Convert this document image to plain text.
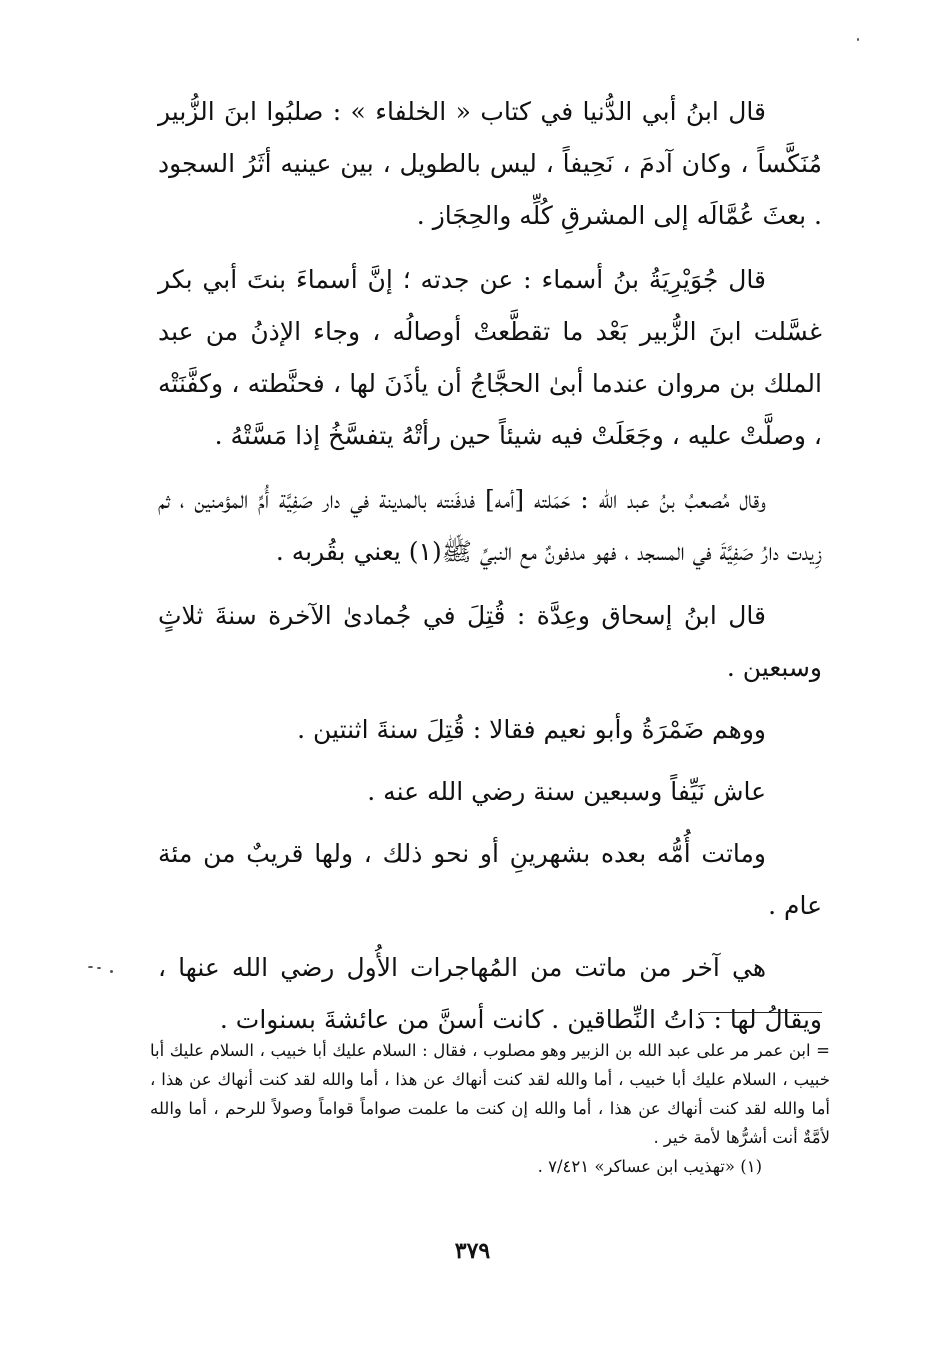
قال ابنُ أبي الدُّنيا في كتاب « الخلفاء » : صلبُوا ابنَ الزُّبير مُنَكَّساً ، وكان آدمَ ، نَحِيفاً ، ليس بالطويل ، بين عينيه أثَرُ السجود . بعثَ عُمَّالَه إلى المشرقِ كُلِّه والحِجَاز .

قال جُوَيْرِيَةُ بنُ أسماء : عن جدته ؛ إنَّ أسماءَ بنتَ أبي بكر غسَّلت ابنَ الزُّبير بَعْد ما تقطَّعتْ أوصالُه ، وجاء الإذنُ من عبد الملك بن مروان عندما أبىٰ الحجَّاجُ أن يأذَنَ لها ، فحنَّطته ، وكفَّنَتْه ، وصلَّتْ عليه ، وجَعَلَتْ فيه شيئاً حين رأتْهُ يتفسَّخُ إذا مَسَّتْهُ .

وقال مُصعبُ بنُ عبد الله : حَمَلته [أمه] فدفَنته بالمدينة في دار صَفِيَّة أُمِّ المؤمنين ، ثم زِيدت دارُ صَفِيَّةَ في المسجد ، فهو مدفونٌ مع النبيِّ ﷺ(١) يعني بقُربه .

قال ابنُ إسحاق وعِدَّة : قُتِلَ في جُمادىٰ الآخرة سنةَ ثلاثٍ وسبعين .

ووهم ضَمْرَةُ وأبو نعيم فقالا : قُتِلَ سنةَ اثنتين .

عاش نَيِّفاً وسبعين سنة رضي الله عنه .

وماتت أُمُّه بعده بشهرينِ أو نحو ذلك ، ولها قريبٌ من مئة عام .

هي آخر من ماتت من المُهاجرات الأُول رضي الله عنها ، ويقالُ لها : ذاتُ النِّطاقين . كانت أسنَّ من عائشةَ بسنوات .

= ابن عمر مر على عبد الله بن الزبير وهو مصلوب ، فقال : السلام عليك أبا خبيب ، السلام عليك أبا خبيب ، السلام عليك أبا خبيب ، أما والله لقد كنت أنهاك عن هذا ، أما والله لقد كنت أنهاك عن هذا ، أما والله لقد كنت أنهاك عن هذا ، أما والله إن كنت ما علمت صواماً قواماً وصولاً للرحم ، أما والله لأمَّةٌ أنت أشرُّها لأمة خير .

(١) «تهذيب ابن عساكر» ٧/٤٢١ .

٣٧٩
